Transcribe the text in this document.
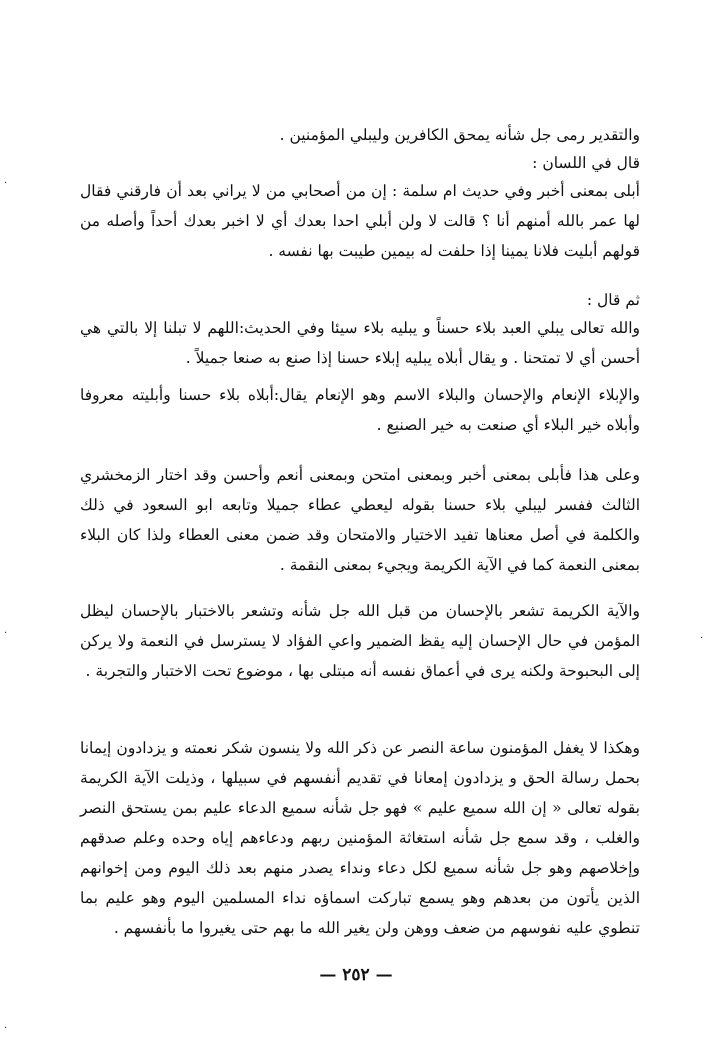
والتقدير رمى جل شأنه يمحق الكافرين وليبلي المؤمنين .

قال في اللسان :

أبلى بمعنى أخبر وفي حديث ام سلمة : إن من أصحابي من لا يراني بعد أن فارقني فقال لها عمر بالله أمنهم أنا ؟ قالت لا ولن أبلي احدا بعدك أي لا اخبر بعدك أحداً وأصله من قولهم أبليت فلانا يمينا إذا حلفت له بيمين طيبت بها نفسه .

ثم قال :

والله تعالى يبلي العبد بلاء حسناً و يبليه بلاء سيئا وفي الحديث:اللهم لا تبلنا إلا بالتي هي أحسن أي لا تمتحنا . و يقال أبلاه يبليه إبلاء حسنا إذا صنع به صنعا جميلاً .

والإبلاء الإنعام والإحسان والبلاء الاسم وهو الإنعام يقال:أبلاه بلاء حسنا وأبليته معروفا وأبلاه خير البلاء أي صنعت به خير الصنيع .

وعلى هذا فأبلى بمعنى أخبر وبمعنى امتحن وبمعنى أنعم وأحسن وقد اختار الزمخشري الثالث ففسر ليبلي بلاء حسنا بقوله ليعطي عطاء جميلا وتابعه ابو السعود في ذلك والكلمة في أصل معناها تفيد الاختيار والامتحان وقد ضمن معنى العطاء ولذا كان البلاء بمعنى النعمة كما في الآية الكريمة ويجيء بمعنى النقمة .

والآية الكريمة تشعر بالإحسان من قبل الله جل شأنه وتشعر بالاختبار بالإحسان ليظل المؤمن في حال الإحسان إليه يقظ الضمير واعي الفؤاد لا يسترسل في النعمة ولا يركن إلى البحبوحة ولكنه يرى في أعماق نفسه أنه مبتلى بها ، موضوع تحت الاختبار والتجربة .

وهكذا لا يغفل المؤمنون ساعة النصر عن ذكر الله ولا ينسون شكر نعمته و يزدادون إيمانا بحمل رسالة الحق و يزدادون إمعانا في تقديم أنفسهم في سبيلها ، وذيلت الآية الكريمة بقوله تعالى « إن الله سميع عليم » فهو جل شأنه سميع الدعاء عليم بمن يستحق النصر والغلب ، وقد سمع جل شأنه استغاثة المؤمنين ربهم ودعاءهم إياه وحده وعلم صدقهم وإخلاصهم وهو جل شأنه سميع لكل دعاء ونداء يصدر منهم بعد ذلك اليوم ومن إخوانهم الذين يأتون من بعدهم وهو يسمع تباركت اسماؤه نداء المسلمين اليوم وهو عليم بما تنطوي عليه نفوسهم من ضعف ووهن ولن يغير الله ما بهم حتى يغيروا ما بأنفسهم .

— ٢٥٢ —
.
.
.
.
